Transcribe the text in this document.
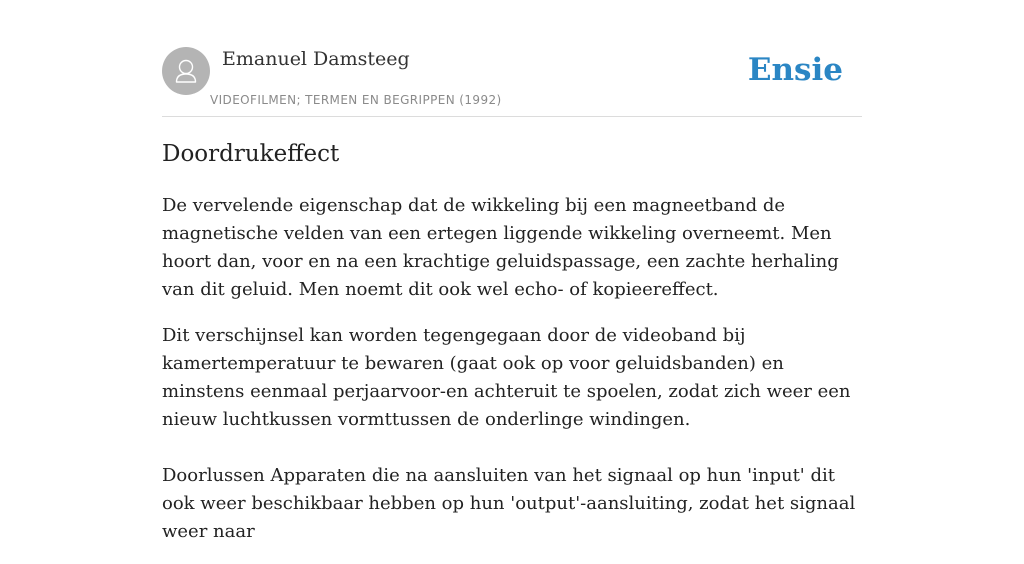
Emanuel Damsteeg
VIDEOFILMEN; TERMEN EN BEGRIPPEN (1992)
Ensie
Doordrukeffect

De vervelende eigenschap dat de wikkeling bij een magneetband de magnetische velden van een ertegen liggende wikkeling overneemt. Men hoort dan, voor en na een krachtige geluidspassage, een zachte herhaling van dit geluid. Men noemt dit ook wel echo- of kopieereffect.

Dit verschijnsel kan worden tegengegaan door de videoband bij kamertemperatuur te bewaren (gaat ook op voor geluidsbanden) en minstens eenmaal perjaarvoor-en achteruit te spoelen, zodat zich weer een nieuw luchtkussen vormttussen de onderlinge windingen.

Doorlussen Apparaten die na aansluiten van het signaal op hun 'input' dit ook weer beschikbaar hebben op hun 'output'-aansluiting, zodat het signaal weer naar
